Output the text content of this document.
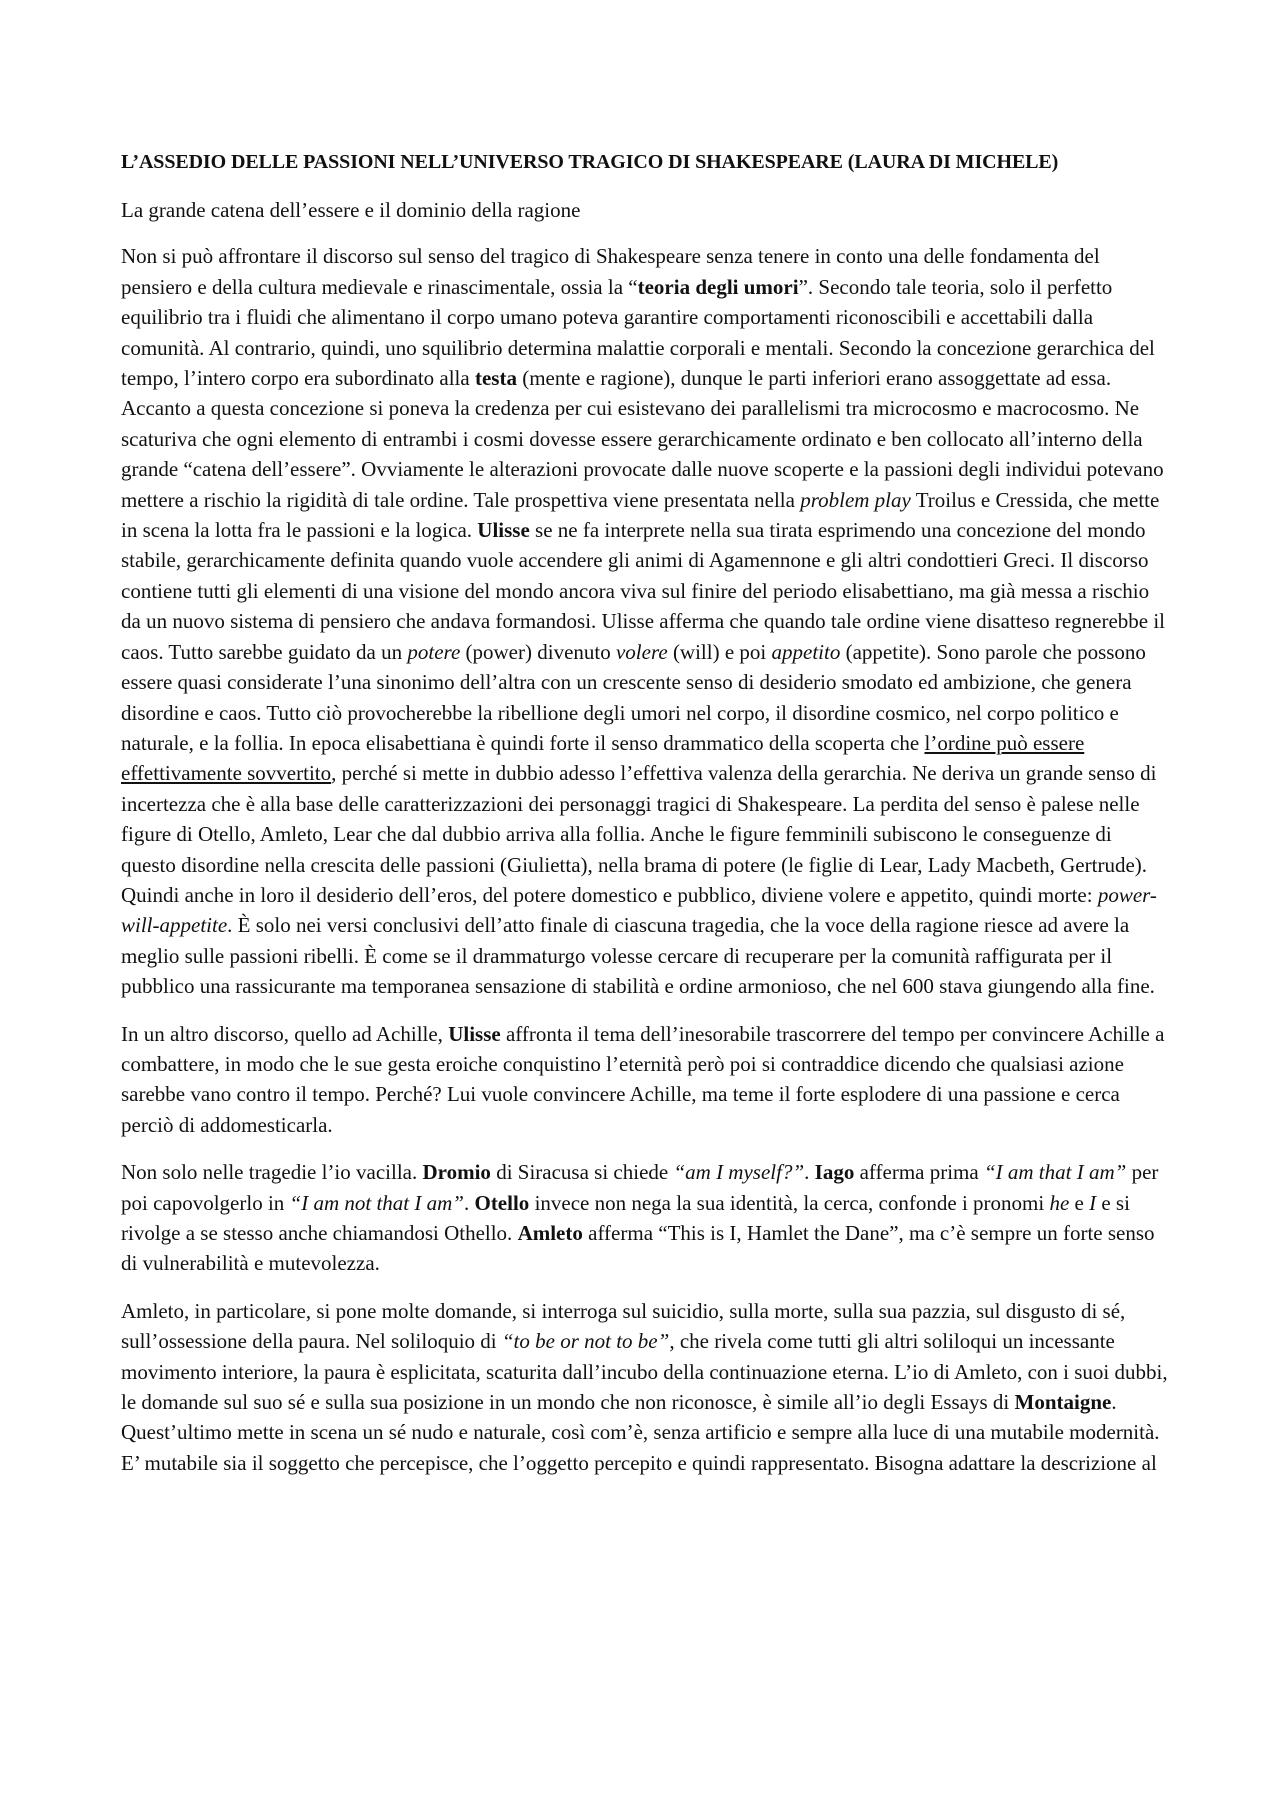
L’ASSEDIO DELLE PASSIONI NELL’UNIVERSO TRAGICO DI SHAKESPEARE (LAURA DI MICHELE)
La grande catena dell’essere e il dominio della ragione

Non si può affrontare il discorso sul senso del tragico di Shakespeare senza tenere in conto una delle fondamenta del pensiero e della cultura medievale e rinascimentale, ossia la “teoria degli umori”. Secondo tale teoria, solo il perfetto equilibrio tra i fluidi che alimentano il corpo umano poteva garantire comportamenti riconoscibili e accettabili dalla comunità. Al contrario, quindi, uno squilibrio determina malattie corporali e mentali. Secondo la concezione gerarchica del tempo, l’intero corpo era subordinato alla testa (mente e ragione), dunque le parti inferiori erano assoggettate ad essa. Accanto a questa concezione si poneva la credenza per cui esistevano dei parallelismi tra microcosmo e macrocosmo. Ne scaturiva che ogni elemento di entrambi i cosmi dovesse essere gerarchicamente ordinato e ben collocato all’interno della grande “catena dell’essere”. Ovviamente le alterazioni provocate dalle nuove scoperte e la passioni degli individui potevano mettere a rischio la rigidità di tale ordine. Tale prospettiva viene presentata nella problem play Troilus e Cressida, che mette in scena la lotta fra le passioni e la logica. Ulisse se ne fa interprete nella sua tirata esprimendo una concezione del mondo stabile, gerarchicamente definita quando vuole accendere gli animi di Agamennone e gli altri condottieri Greci. Il discorso contiene tutti gli elementi di una visione del mondo ancora viva sul finire del periodo elisabettiano, ma già messa a rischio da un nuovo sistema di pensiero che andava formandosi. Ulisse afferma che quando tale ordine viene disatteso regnerebbe il caos. Tutto sarebbe guidato da un potere (power) divenuto volere (will) e poi appetito (appetite). Sono parole che possono essere quasi considerate l’una sinonimo dell’altra con un crescente senso di desiderio smodato ed ambizione, che genera disordine e caos. Tutto ciò provocherebbe la ribellione degli umori nel corpo, il disordine cosmico, nel corpo politico e naturale, e la follia. In epoca elisabettiana è quindi forte il senso drammatico della scoperta che l’ordine può essere effettivamente sovvertito, perché si mette in dubbio adesso l’effettiva valenza della gerarchia. Ne deriva un grande senso di incertezza che è alla base delle caratterizzazioni dei personaggi tragici di Shakespeare. La perdita del senso è palese nelle figure di Otello, Amleto, Lear che dal dubbio arriva alla follia. Anche le figure femminili subiscono le conseguenze di questo disordine nella crescita delle passioni (Giulietta), nella brama di potere (le figlie di Lear, Lady Macbeth, Gertrude). Quindi anche in loro il desiderio dell’eros, del potere domestico e pubblico, diviene volere e appetito, quindi morte: power-will-appetite. È solo nei versi conclusivi dell’atto finale di ciascuna tragedia, che la voce della ragione riesce ad avere la meglio sulle passioni ribelli. È come se il drammaturgo volesse cercare di recuperare per la comunità raffigurata per il pubblico una rassicurante ma temporanea sensazione di stabilità e ordine armonioso, che nel 600 stava giungendo alla fine.

In un altro discorso, quello ad Achille, Ulisse affronta il tema dell’inesorabile trascorrere del tempo per convincere Achille a combattere, in modo che le sue gesta eroiche conquistino l’eternità però poi si contraddice dicendo che qualsiasi azione sarebbe vano contro il tempo. Perché? Lui vuole convincere Achille, ma teme il forte esplodere di una passione e cerca perciò di addomesticarla.

Non solo nelle tragedie l’io vacilla. Dromio di Siracusa si chiede “am I myself?”. Iago afferma prima “I am that I am” per poi capovolgerlo in “I am not that I am”. Otello invece non nega la sua identità, la cerca, confonde i pronomi he e I e si rivolge a se stesso anche chiamandosi Othello. Amleto afferma “This is I, Hamlet the Dane”, ma c’è sempre un forte senso di vulnerabilità e mutevolezza.

Amleto, in particolare, si pone molte domande, si interroga sul suicidio, sulla morte, sulla sua pazzia, sul disgusto di sé, sull’ossessione della paura. Nel soliloquio di “to be or not to be”, che rivela come tutti gli altri soliloqui un incessante movimento interiore, la paura è esplicitata, scaturita dall’incubo della continuazione eterna. L’io di Amleto, con i suoi dubbi, le domande sul suo sé e sulla sua posizione in un mondo che non riconosce, è simile all’io degli Essays di Montaigne. Quest’ultimo mette in scena un sé nudo e naturale, così com’è, senza artificio e sempre alla luce di una mutabile modernità. E’ mutabile sia il soggetto che percepisce, che l’oggetto percepito e quindi rappresentato. Bisogna adattare la descrizione al
